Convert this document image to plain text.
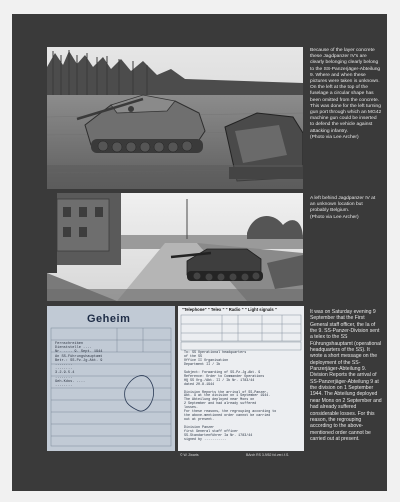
Because of the layer concrete these Jagdpanzer IV's are clearly belonging clearly belong to the SS-Panzerjäger-Abteilung 9. Where and when these pictures were taken is unknown. On the left at the top of the fuselage a circular shape has been omitted from the concrete. This was done for the left turning gun port through which an MG42 machine gun could be inserted to defend the vehicle against attacking infantry.
(Photo via Lee Archer)
A left behind Jagdpanzer IV at an unknown location but probably Belgium.
(Photo via Lee Archer)
Geheim
Fernschreiben
Dienststelle ....
Nr. .... 9. Sept. 1944
An SS-Führungshauptamt
Betr.: SS-Pz.Jg.Abt. 9
........
........
3.2.9.5.4
........
Geh.Kdos. ....
........
"Telephone" " Telex " " Radio " " Light signals "
To: SS Operational headquarters
of the SS
Office II Organisation
Department II / Ib

Subject: Forwarding of SS-Pz.Jg.Abt. 9
Reference: Order to Commander Operations
HQ SS Org./Abt. II / Ib Nr. 1783/44
dated 20.8.1944

Division Reports the arrival of SS-Panzer-
Abt. 9 at the division on 1 September 1944.
The Abteilung deployed near Mons on
2 September and had already suffered
losses.
For these reasons, the regrouping according to
the above-mentioned order cannot be carried
out at present.

Division Panzer
first General staff officer
SS-Standartenführer Ia Nr. 1783/44
signed by ...........
© W. Zwarts	BArch RS 3-9/52 fol.ver.i.f.S.
It was on Saturday evening 9 September that the First General staff officer, the Ia of the 9. SS-Panzer-Division sent a telex to the SS Führungshauptamt (operational headquarters of the SS). It wrote a short message on the deployment of the SS-Panzerjäger-Abteilung 9.
Division Reports the arrival of SS-Panzerjäger-Abteilung 9 at the division on 1 September 1944. The Abteilung deployed near Mons on 2 September and had already suffered considerable losses. For this reason, the regrouping according to the above-mentioned order cannot be carried out at present.
